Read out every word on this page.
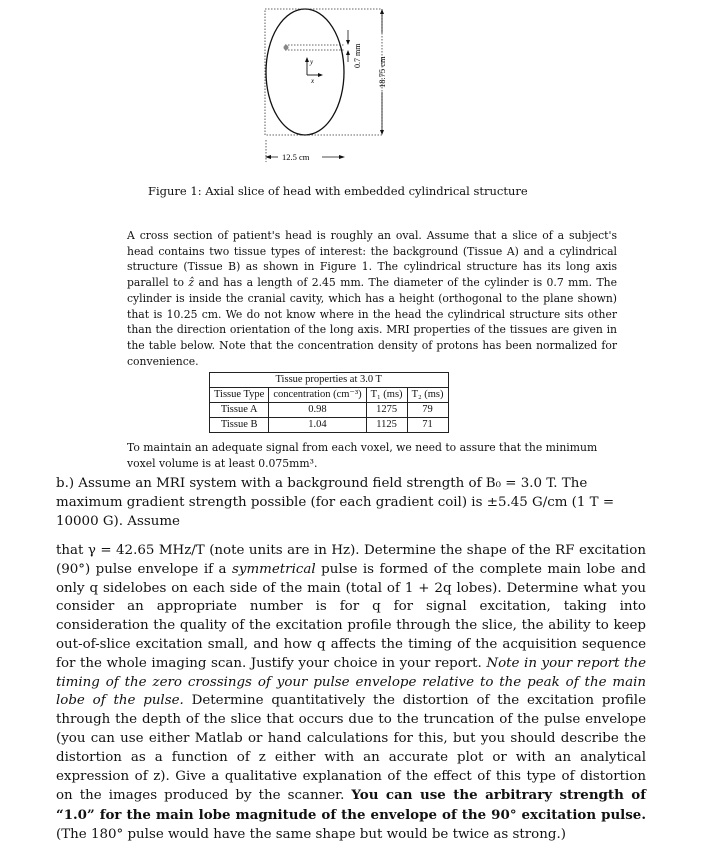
y
x
0.7 mm
18.75 cm
12.5 cm
Figure 1: Axial slice of head with embedded cylindrical structure
A cross section of patient's head is roughly an oval. Assume that a slice of a subject's head contains two tissue types of interest: the background (Tissue A) and a cylindrical structure (Tissue B) as shown in Figure 1. The cylindrical structure has its long axis parallel to ẑ and has a length of 2.45 mm. The diameter of the cylinder is 0.7 mm. The cylinder is inside the cranial cavity, which has a height (orthogonal to the plane shown) that is 10.25 cm. We do not know where in the head the cylindrical structure sits other than the direction orientation of the long axis. MRI properties of the tissues are given in the table below. Note that the concentration density of protons has been normalized for convenience.
Tissue properties at 3.0 T			
Tissue Type	concentration (cm⁻³)	T₁ (ms)	T₂ (ms)
Tissue A	0.98	1275	79
Tissue B	1.04	1125	71
To maintain an adequate signal from each voxel, we need to assure that the minimum voxel volume is at least 0.075mm³.
b.) Assume an MRI system with a background field strength of B₀ = 3.0 T. The maximum gradient strength possible (for each gradient coil) is ±5.45 G/cm (1 T = 10000 G). Assume
that γ = 42.65 MHz/T (note units are in Hz). Determine the shape of the RF excitation (90°) pulse envelope if a symmetrical pulse is formed of the complete main lobe and only q sidelobes on each side of the main (total of 1 + 2q lobes). Determine what you consider an appropriate number is for q for signal excitation, taking into consideration the quality of the excitation profile through the slice, the ability to keep out-of-slice excitation small, and how q affects the timing of the acquisition sequence for the whole imaging scan. Justify your choice in your report. Note in your report the timing of the zero crossings of your pulse envelope relative to the peak of the main lobe of the pulse. Determine quantitatively the distortion of the excitation profile through the depth of the slice that occurs due to the truncation of the pulse envelope (you can use either Matlab or hand calculations for this, but you should describe the distortion as a function of z either with an accurate plot or with an analytical expression of z). Give a qualitative explanation of the effect of this type of distortion on the images produced by the scanner. You can use the arbitrary strength of “1.0” for the main lobe magnitude of the envelope of the 90° excitation pulse. (The 180° pulse would have the same shape but would be twice as strong.)
